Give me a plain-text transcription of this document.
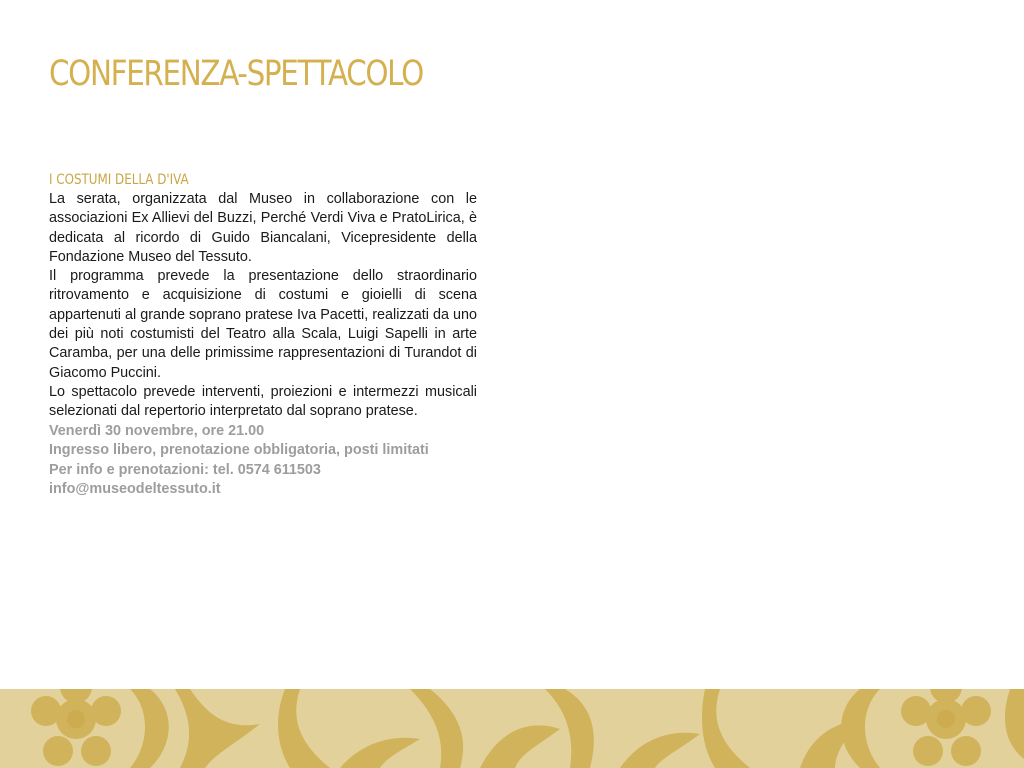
CONFERENZA-SPETTACOLO
I COSTUMI DELLA D'IVA

La serata, organizzata dal Museo in collaborazione con le associazioni Ex Allievi del Buzzi, Perché Verdi Viva e PratoLirica, è dedicata al ricordo di Guido Biancalani, Vicepresidente della Fondazione Museo del Tessuto.

Il programma prevede la presentazione dello straordinario ritrovamento e acquisizione di costumi e gioielli di scena appartenuti al grande soprano pratese Iva Pacetti, realizzati da uno dei più noti costumisti del Teatro alla Scala, Luigi Sapelli in arte Caramba, per una delle primissime rappresentazioni di Turandot di Giacomo Puccini.

Lo spettacolo prevede interventi, proiezioni e intermezzi musicali selezionati dal repertorio interpretato dal soprano pratese.

Venerdì 30 novembre, ore 21.00

Ingresso libero, prenotazione obbligatoria, posti limitati

Per info e prenotazioni: tel. 0574 611503

info@museodeltessuto.it
